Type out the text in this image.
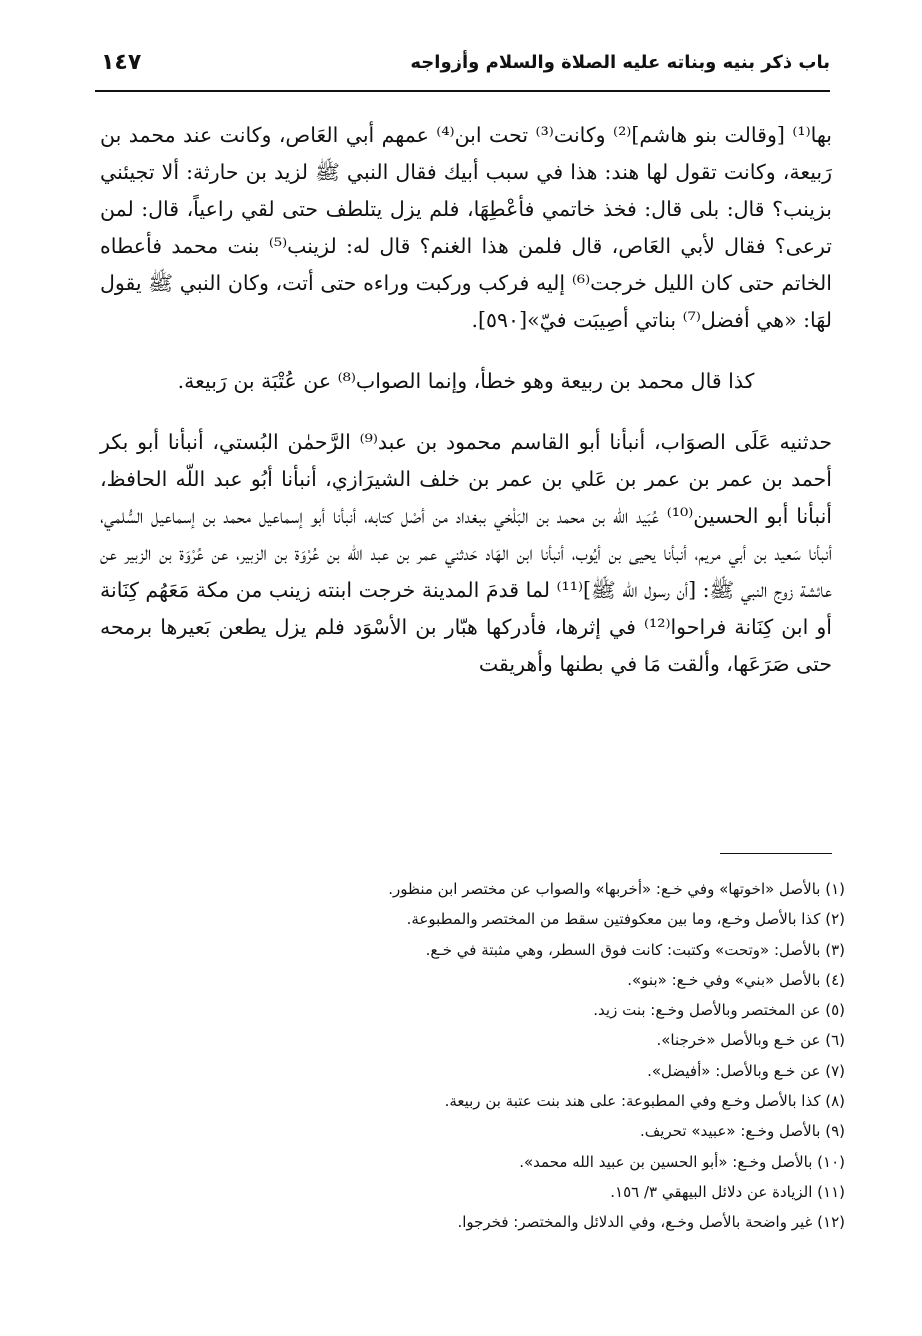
باب ذكر بنيه وبناته عليه الصلاة والسلام وأزواجه
١٤٧

بها⁽¹⁾ [وقالت بنو هاشم]⁽²⁾ وكانت⁽³⁾ تحت ابن⁽⁴⁾ عمهم أبي العَاص، وكانت عند محمد بن رَبيعة، وكانت تقول لها هند: هذا في سبب أبيك فقال النبي ﷺ لزيد بن حارثة: ألا تجيئني بزينب؟ قال: بلى قال: فخذ خاتمي فأعْطِهَا، فلم يزل يتلطف حتى لقي راعياً، قال: لمن ترعى؟ فقال لأبي العَاص، قال فلمن هذا الغنم؟ قال له: لزينب⁽⁵⁾ بنت محمد فأعطاه الخاتم حتى كان الليل خرجت⁽⁶⁾ إليه فركب وركبت وراءه حتى أتت، وكان النبي ﷺ يقول لهَا: «هي أفضل⁽⁷⁾ بناتي أصِيبَت فيّ»[٥٩٠].

كذا قال محمد بن ربيعة وهو خطأ، وإنما الصواب⁽⁸⁾ عن عُتْبَة بن رَبيعة.

حدثنيه عَلَى الصوَاب، أنبأنا أبو القاسم محمود بن عبد⁽⁹⁾ الرَّحمٰن البُستي، أنبأنا أبو بكر أحمد بن عمر بن عمر بن عَلي بن عمر بن خلف الشيرَازي، أنبأنا أبُو عبد اللّه الحافظ، أنبأنا أبو الحسين⁽¹⁰⁾ عُبَيد الله بن محمد بن البَلْخي ببغداد من أصْل كتابه، أنبأنا أبو إسماعيل محمد بن إسماعيل السُّلمي، أنبأنا سَعيد بن أبي مريم، أنبأنا يحيى بن أيُوب، أنبأنا ابن الهَاد حَدثني عمر بن عبد اللّه بن عُرْوَة بن الزبير، عن عُرْوَة بن الزبير عن عائشة زوج النبي ﷺ: [أن رسول الله ﷺ]⁽¹¹⁾ لما قدمَ المدينة خرجت ابنته زينب من مكة مَعَهُم كِنَانة أو ابن كِنَانة فراحوا⁽¹²⁾ في إثرها، فأدركها هبّار بن الأسْوَد فلم يزل يطعن بَعيرها برمحه حتى صَرَعَها، وألقت مَا في بطنها وأهريقت

(١) بالأصل «اخوتها» وفي خـع: «أخربها» والصواب عن مختصر ابن منظور.
(٢) كذا بالأصل وخـع، وما بين معكوفتين سقط من المختصر والمطبوعة.
(٣) بالأصل: «وتحت» وكتبت: كانت فوق السطر، وهي مثبتة في خـع.
(٤) بالأصل «بني» وفي خـع: «بنو».
(٥) عن المختصر وبالأصل وخـع: بنت زيد.
(٦) عن خـع وبالأصل «خرجنا».
(٧) عن خـع وبالأصل: «أفيضل».
(٨) كذا بالأصل وخـع وفي المطبوعة: على هند بنت عتبة بن ربيعة.
(٩) بالأصل وخـع: «عبيد» تحريف.
(١٠) بالأصل وخـع: «أبو الحسين بن عبيد الله محمد».
(١١) الزيادة عن دلائل البيهقي ٣/ ١٥٦.
(١٢) غير واضحة بالأصل وخـع، وفي الدلائل والمختصر: فخرجوا.
